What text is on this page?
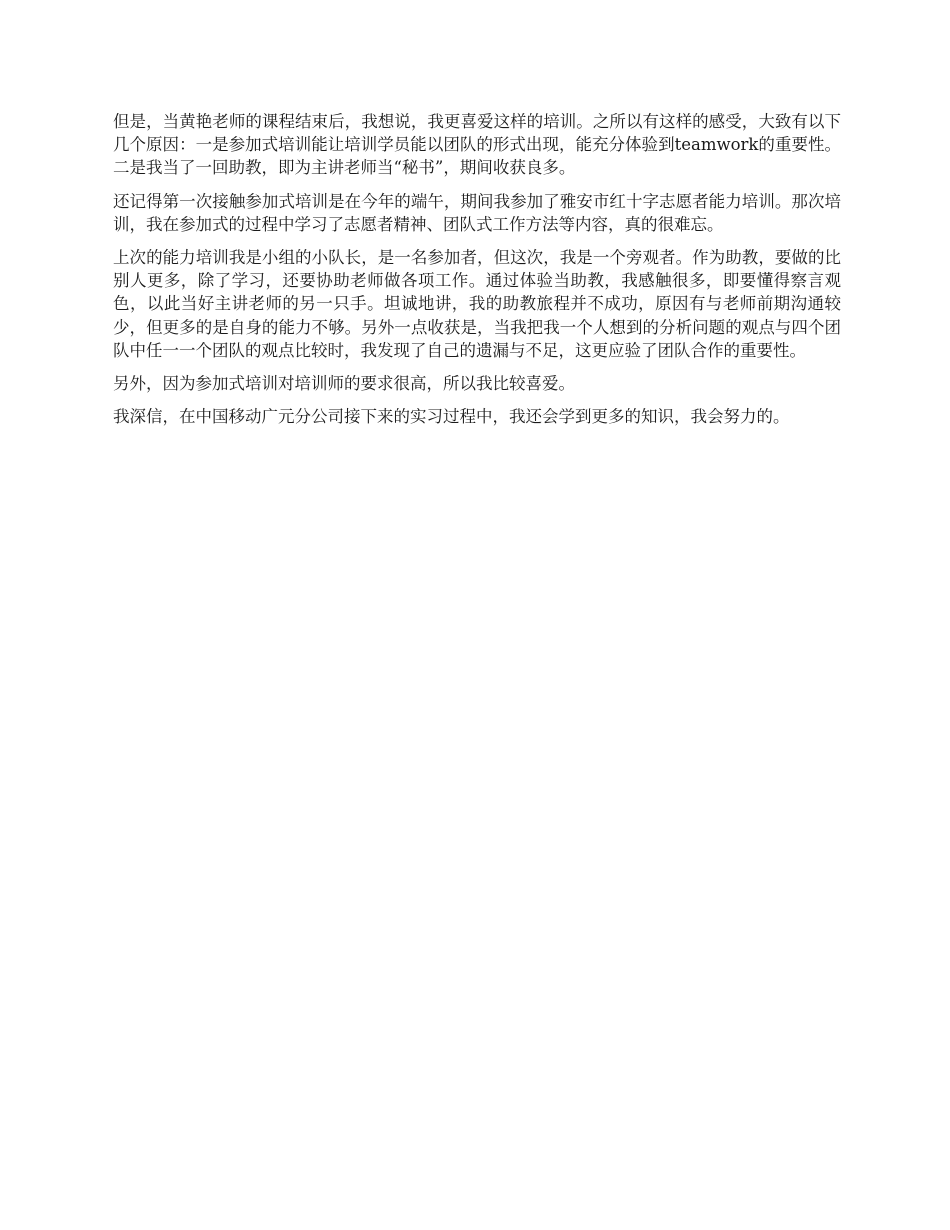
但是，当黄艳老师的课程结束后，我想说，我更喜爱这样的培训。之所以有这样的感受，大致有以下几个原因：一是参加式培训能让培训学员能以团队的形式出现，能充分体验到teamwork的重要性。二是我当了一回助教，即为主讲老师当“秘书”，期间收获良多。

还记得第一次接触参加式培训是在今年的端午，期间我参加了雅安市红十字志愿者能力培训。那次培训，我在参加式的过程中学习了志愿者精神、团队式工作方法等内容，真的很难忘。

上次的能力培训我是小组的小队长，是一名参加者，但这次，我是一个旁观者。作为助教，要做的比别人更多，除了学习，还要协助老师做各项工作。通过体验当助教，我感触很多，即要懂得察言观色，以此当好主讲老师的另一只手。坦诚地讲，我的助教旅程并不成功，原因有与老师前期沟通较少，但更多的是自身的能力不够。另外一点收获是，当我把我一个人想到的分析问题的观点与四个团队中任一一个团队的观点比较时，我发现了自己的遗漏与不足，这更应验了团队合作的重要性。

另外，因为参加式培训对培训师的要求很高，所以我比较喜爱。

我深信，在中国移动广元分公司接下来的实习过程中，我还会学到更多的知识，我会努力的。
